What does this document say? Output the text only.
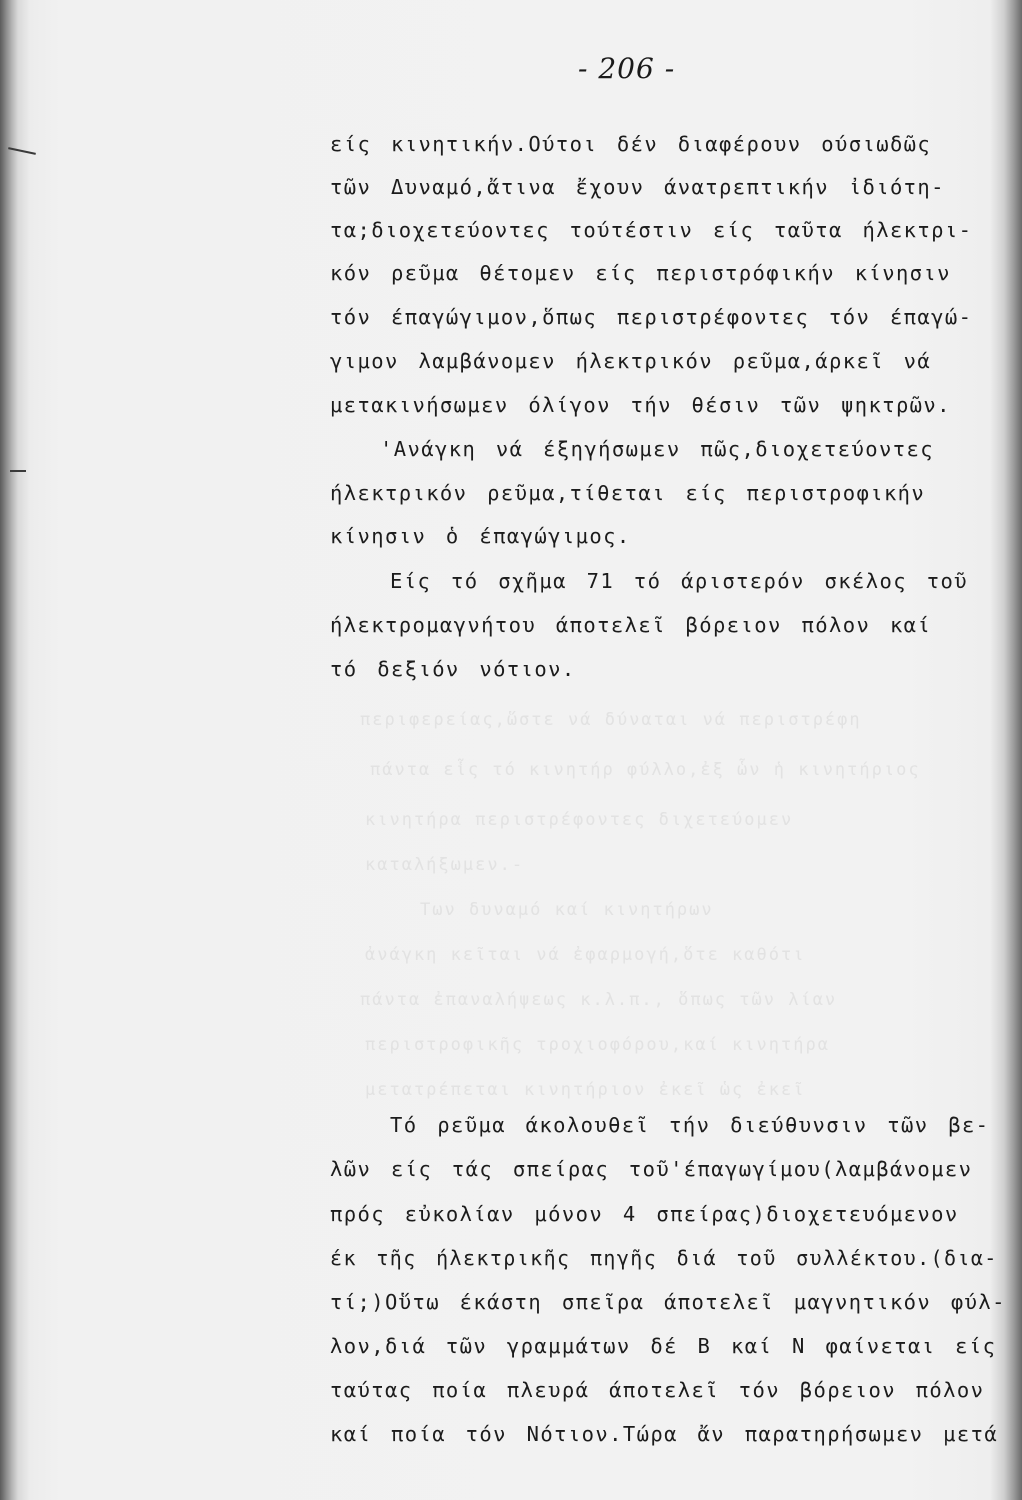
περιφερείας,ὥστε νά δύναται νά περιστρέφη
πάντα εἷς τό κινητήρ φύλλο,ἐξ ὧν ἡ κινητήριος
κινητήρα περιστρέφοντες διχετεύομεν
καταλήξωμεν.-
Των δυναμό καί κινητήρων
ἀνάγκη κεῖται νά ἐφαρμογή,ὅτε καθότι
πάντα ἐπαναλήψεως κ.λ.π., ὅπως τῶν λίαν
περιστροφικῆς τροχιοφόρου,καί κινητήρα
μετατρέπεται κινητήριον ἐκεῖ ὡς ἐκεῖ
- 206 -
είς κινητικήν.Ούτοι δέν διαφέρουν ούσιωδῶς
τῶν Δυναμό,ἄτινα ἔχουν άνατρεπτικήν ἰδιότη-
τα;διοχετεύοντες τούτέστιν είς ταῦτα ήλεκτρι-
κόν ρεῦμα θέτομεν είς περιστρόφικήν κίνησιν
τόν έπαγώγιμον,ὅπως περιστρέφοντες τόν έπαγώ-
γιμον λαμβάνομεν ήλεκτρικόν ρεῦμα,άρκεῖ νά
μετακινήσωμεν όλίγον τήν θέσιν τῶν ψηκτρῶν.
'Ανάγκη νά έξηγήσωμεν πῶς,διοχετεύοντες
ήλεκτρικόν ρεῦμα,τίθεται είς περιστροφικήν
κίνησιν ὁ έπαγώγιμος.
Είς τό σχῆμα 71 τό άριστερόν σκέλος τοῦ
ήλεκτρομαγνήτου άποτελεῖ βόρειον πόλον καί
τό δεξιόν νότιον.
Τό ρεῦμα άκολουθεῖ τήν διεύθυνσιν τῶν βε-
λῶν είς τάς σπείρας τοῦ'έπαγωγίμου(λαμβάνομεν
πρός εὐκολίαν μόνον 4 σπείρας)διοχετευόμενον
έκ τῆς ήλεκτρικῆς πηγῆς διά τοῦ συλλέκτου.(δια-
τί;)Οὕτω έκάστη σπεῖρα άποτελεῖ μαγνητικόν φύλ-
λον,διά τῶν γραμμάτων δέ Β καί Ν φαίνεται είς
ταύτας ποία πλευρά άποτελεῖ τόν βόρειον πόλον
καί ποία τόν Νότιον.Τώρα ἄν παρατηρήσωμεν μετά
